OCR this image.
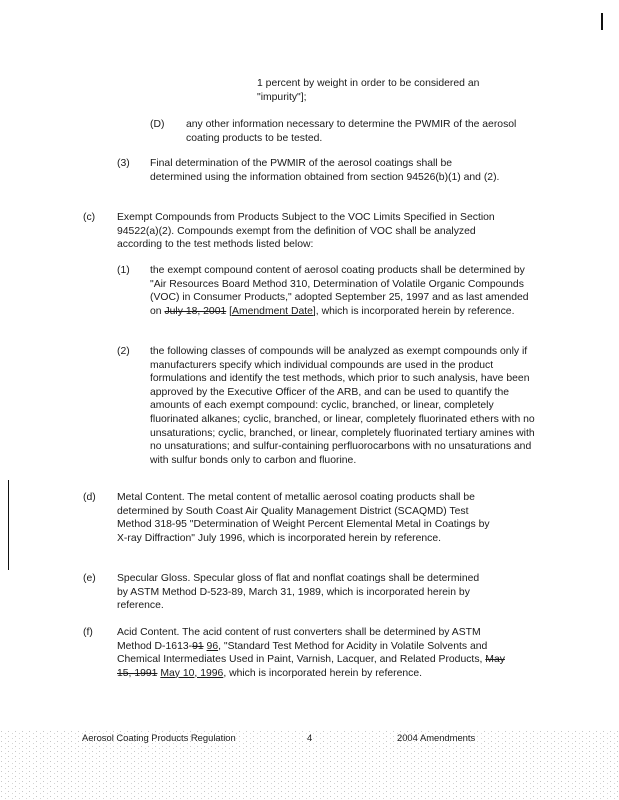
1 percent by weight in order to be considered an "impurity"];

(D) any other information necessary to determine the PWMIR of the aerosol coating products to be tested.

(3) Final determination of the PWMIR of the aerosol coatings shall be determined using the information obtained from section 94526(b)(1) and (2).

(c) Exempt Compounds from Products Subject to the VOC Limits Specified in Section 94522(a)(2). Compounds exempt from the definition of VOC shall be analyzed according to the test methods listed below:

(1) the exempt compound content of aerosol coating products shall be determined by "Air Resources Board Method 310, Determination of Volatile Organic Compounds (VOC) in Consumer Products," adopted September 25, 1997 and as last amended on July 18, 2001 [Amendment Date], which is incorporated herein by reference.

(2) the following classes of compounds will be analyzed as exempt compounds only if manufacturers specify which individual compounds are used in the product formulations and identify the test methods, which prior to such analysis, have been approved by the Executive Officer of the ARB, and can be used to quantify the amounts of each exempt compound: cyclic, branched, or linear, completely fluorinated alkanes; cyclic, branched, or linear, completely fluorinated ethers with no unsaturations; cyclic, branched, or linear, completely fluorinated tertiary amines with no unsaturations; and sulfur-containing perfluorocarbons with no unsaturations and with sulfur bonds only to carbon and fluorine.

(d) Metal Content. The metal content of metallic aerosol coating products shall be determined by South Coast Air Quality Management District (SCAQMD) Test Method 318-95 "Determination of Weight Percent Elemental Metal in Coatings by X-ray Diffraction" July 1996, which is incorporated herein by reference.

(e) Specular Gloss. Specular gloss of flat and nonflat coatings shall be determined by ASTM Method D-523-89, March 31, 1989, which is incorporated herein by reference.

(f) Acid Content. The acid content of rust converters shall be determined by ASTM Method D-1613-91 96, "Standard Test Method for Acidity in Volatile Solvents and Chemical Intermediates Used in Paint, Varnish, Lacquer, and Related Products, May 15, 1991 May 10, 1996, which is incorporated herein by reference.

Aerosol Coating Products Regulation	4	2004 Amendments
